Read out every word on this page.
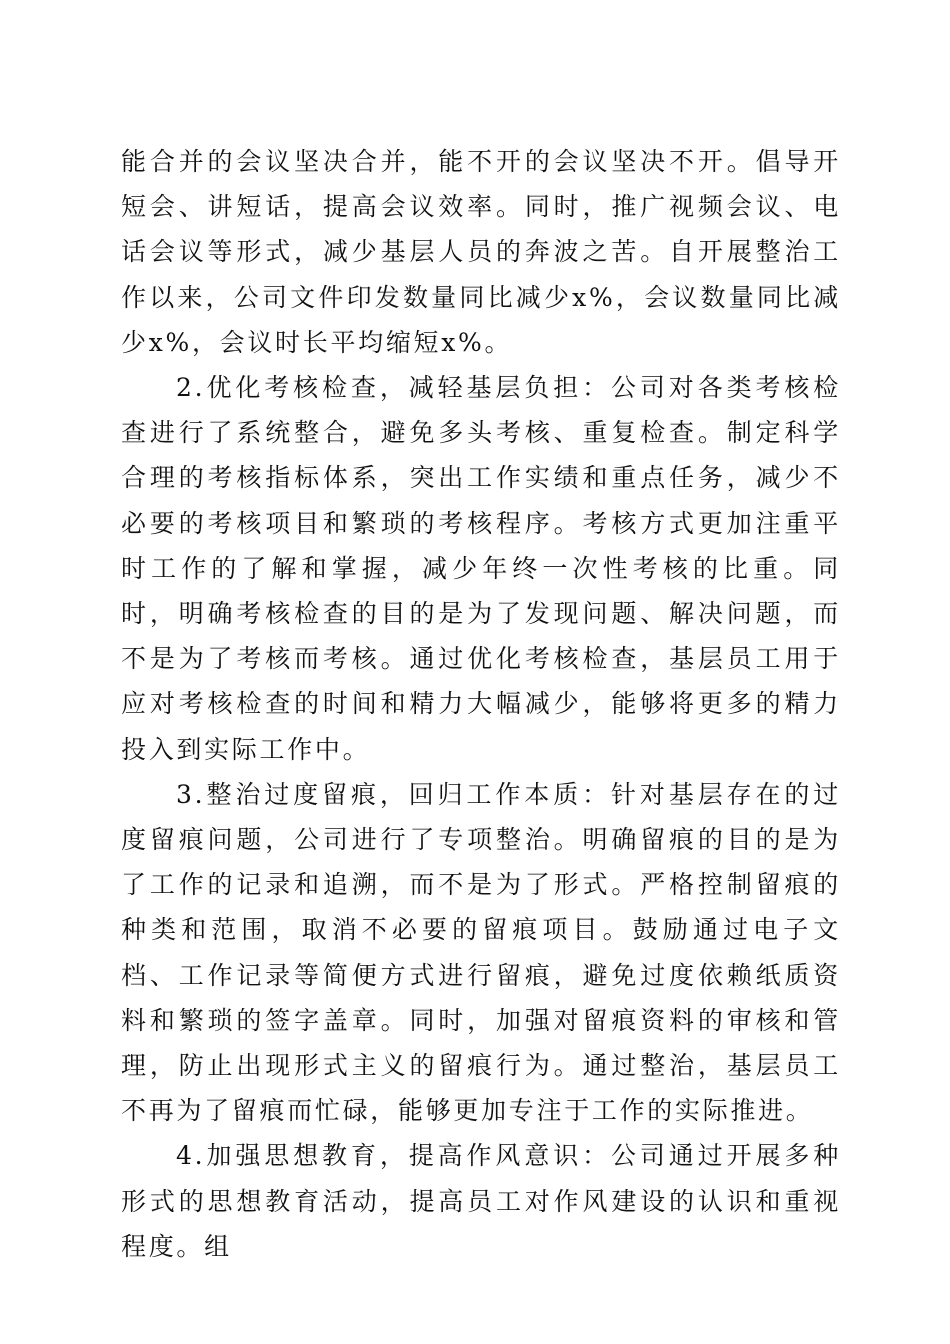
能合并的会议坚决合并，能不开的会议坚决不开。倡导开短会、讲短话，提高会议效率。同时，推广视频会议、电话会议等形式，减少基层人员的奔波之苦。自开展整治工作以来，公司文件印发数量同比减少x%，会议数量同比减少x%，会议时长平均缩短x%。

2.优化考核检查，减轻基层负担：公司对各类考核检查进行了系统整合，避免多头考核、重复检查。制定科学合理的考核指标体系，突出工作实绩和重点任务，减少不必要的考核项目和繁琐的考核程序。考核方式更加注重平时工作的了解和掌握，减少年终一次性考核的比重。同时，明确考核检查的目的是为了发现问题、解决问题，而不是为了考核而考核。通过优化考核检查，基层员工用于应对考核检查的时间和精力大幅减少，能够将更多的精力投入到实际工作中。

3.整治过度留痕，回归工作本质：针对基层存在的过度留痕问题，公司进行了专项整治。明确留痕的目的是为了工作的记录和追溯，而不是为了形式。严格控制留痕的种类和范围，取消不必要的留痕项目。鼓励通过电子文档、工作记录等简便方式进行留痕，避免过度依赖纸质资料和繁琐的签字盖章。同时，加强对留痕资料的审核和管理，防止出现形式主义的留痕行为。通过整治，基层员工不再为了留痕而忙碌，能够更加专注于工作的实际推进。

4.加强思想教育，提高作风意识：公司通过开展多种形式的思想教育活动，提高员工对作风建设的认识和重视程度。组
